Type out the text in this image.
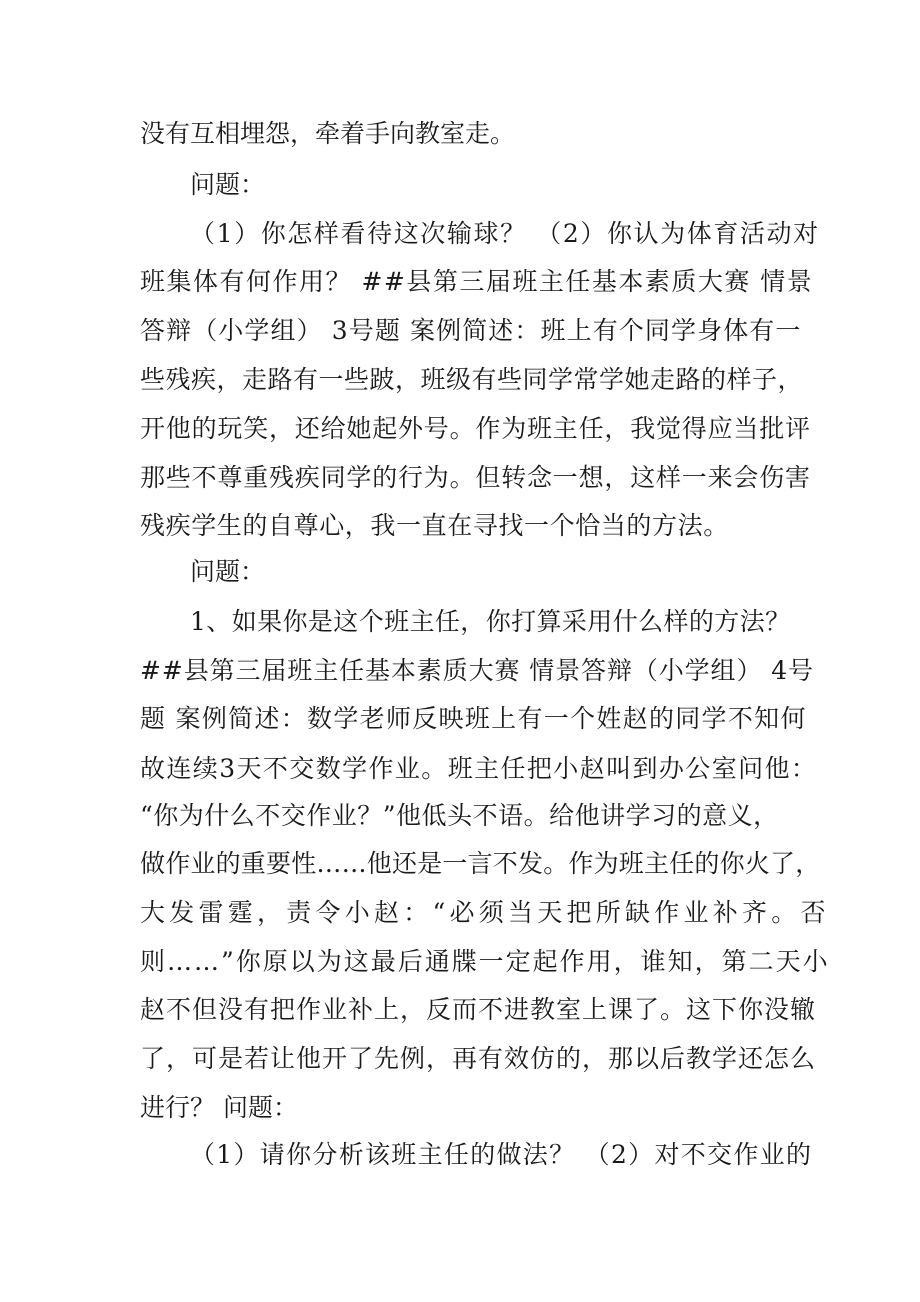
没有互相埋怨，牵着手向教室走。
问题：
（1）你怎样看待这次输球？ （2）你认为体育活动对
班集体有何作用？ ##县第三届班主任基本素质大赛 情景
答辩（小学组） 3号题 案例简述：班上有个同学身体有一
些残疾，走路有一些跛，班级有些同学常学她走路的样子，
开他的玩笑，还给她起外号。作为班主任，我觉得应当批评
那些不尊重残疾同学的行为。但转念一想，这样一来会伤害
残疾学生的自尊心，我一直在寻找一个恰当的方法。
问题：
1、如果你是这个班主任，你打算采用什么样的方法？
##县第三届班主任基本素质大赛 情景答辩（小学组） 4号
题 案例简述：数学老师反映班上有一个姓赵的同学不知何
故连续3天不交数学作业。班主任把小赵叫到办公室问他：
“你为什么不交作业？”他低头不语。给他讲学习的意义，
做作业的重要性……他还是一言不发。作为班主任的你火了，
大发雷霆，责令小赵：“必须当天把所缺作业补齐。否
则……”你原以为这最后通牒一定起作用，谁知，第二天小
赵不但没有把作业补上，反而不进教室上课了。这下你没辙
了，可是若让他开了先例，再有效仿的，那以后教学还怎么
进行？ 问题：
（1）请你分析该班主任的做法？ （2）对不交作业的
